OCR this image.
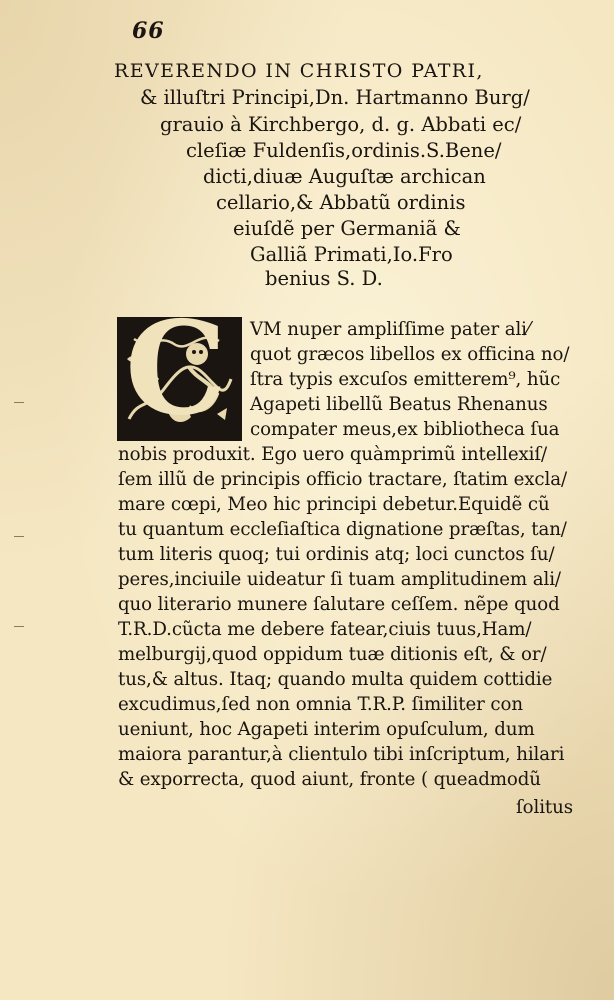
66
REVERENDO IN CHRISTO PATRI,
& illuſtri Principi,Dn. Hartmanno Burg/
grauio à Kirchbergo, d. g. Abbati ec/
cleſiæ Fuldenſis,ordinis.S.Bene/
dicti,diuæ Auguſtæ archican
cellario,& Abbatũ ordinis
eiuſdẽ per Germaniã &
Galliã Primati,Io.Fro
benius S. D.
C VM nuper ampliſſime pater ali⁄
quot græcos libellos ex officina no/
ſtra typis excuſos emitterem⁹, hũc
Agapeti libellũ Beatus Rhenanus
compater meus,ex bibliotheca ſua
nobis produxit. Ego uero quàmprimũ intellexiſ/
ſem illũ de principis officio tractare, ſtatim excla/
mare cœpi, Meo hic principi debetur.Equidẽ cũ
tu quantum eccleſiaſtica dignatione præſtas, tan/
tum literis quoq; tui ordinis atq; loci cunctos ſu/
peres,inciuile uideatur ſi tuam amplitudinem ali/
quo literario munere ſalutare ceſſem. nẽpe quod
T.R.D.cũcta me debere fatear,ciuis tuus,Ham/
melburgij,quod oppidum tuæ ditionis eſt, & or/
tus,& altus. Itaq; quando multa quidem cottidie
excudimus,ſed non omnia T.R.P. ſimiliter con
ueniunt, hoc Agapeti interim opuſculum, dum
maiora parantur,à clientulo tibi inſcriptum, hilari
& exporrecta, quod aiunt, fronte ( queadmodũ
ſolitus
